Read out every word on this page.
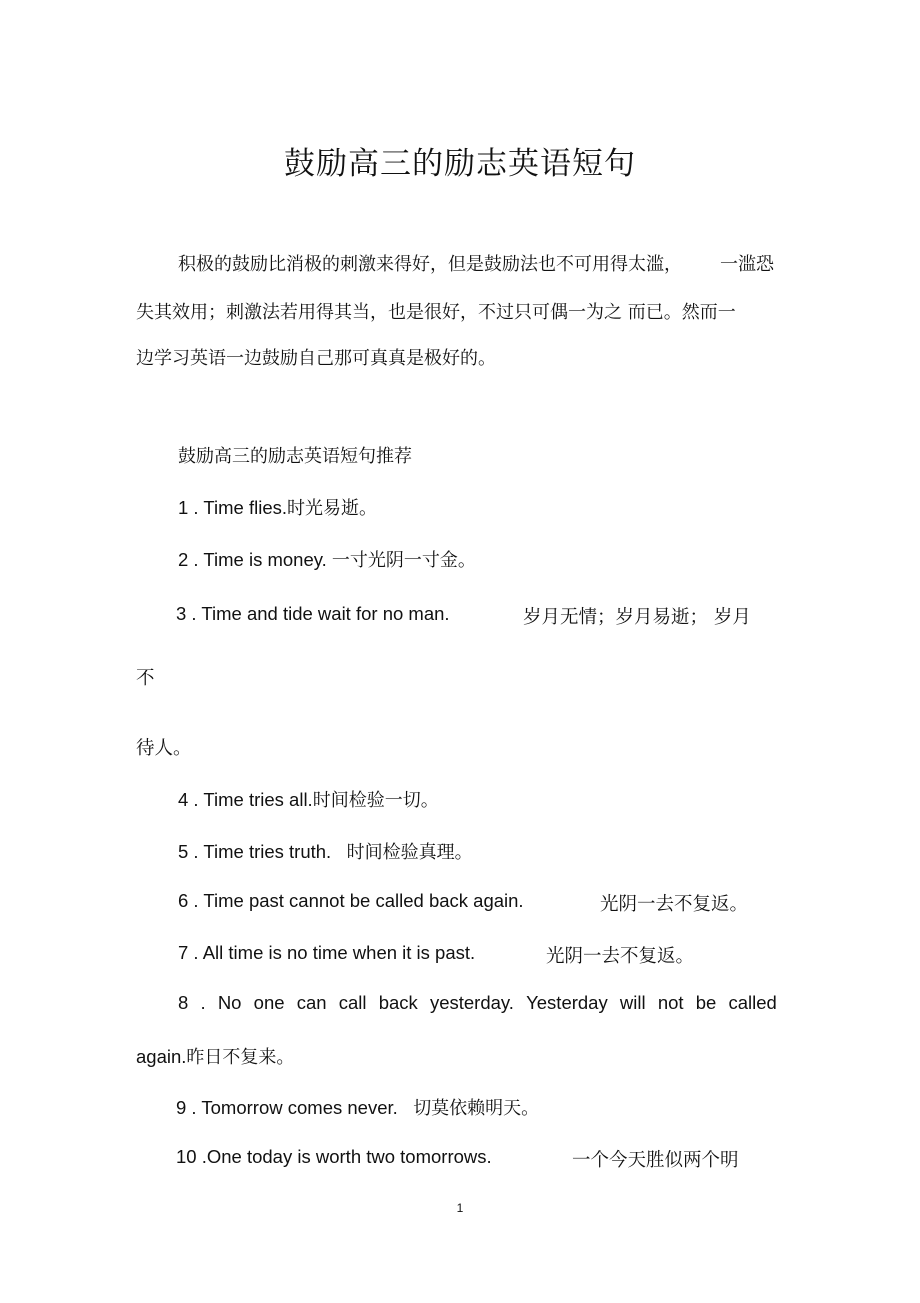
鼓励高三的励志英语短句

积极的鼓励比消极的刺激来得好，但是鼓励法也不可用得太滥， 一滥恐

失其效用；刺激法若用得其当，也是很好，不过只可偶一为之 而已。然而一

边学习英语一边鼓励自己那可真真是极好的。

鼓励高三的励志英语短句推荐

1 . Time flies.时光易逝。

2 . Time is money. 一寸光阴一寸金。

3 . Time and tide wait for no man.	岁月无情；岁月易逝； 岁月

不

待人。

4 . Time tries all.时间检验一切。

5 . Time tries truth. 时间检验真理。

6 . Time past cannot be called back again.	光阴一去不复返。

7 . All time is no time when it is past.	光阴一去不复返。

8 . No one can call back yesterday. Yesterday will not be called

again.昨日不复来。

9 . Tomorrow comes never. 切莫依赖明天。

10 .One today is worth two tomorrows.	一个今天胜似两个明

1
